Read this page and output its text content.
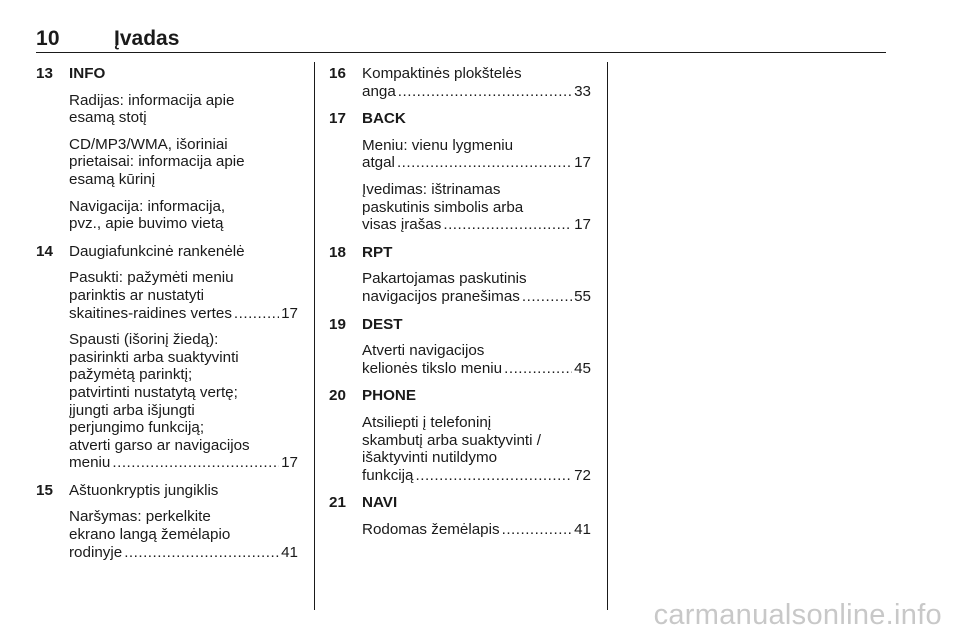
10	Įvadas
13 INFO
Radijas: informacija apie
esamą stotį
CD/MP3/WMA, išoriniai
prietaisai: informacija apie
esamą kūrinį
Navigacija: informacija,
pvz., apie buvimo vietą
14 Daugiafunkcinė rankenėlė
Pasukti: pažymėti meniu
parinktis ar nustatyti
skaitines-raidines vertes .....	17
Spausti (išorinį žiedą):
pasirinkti arba suaktyvinti
pažymėtą parinktį;
patvirtinti nustatytą vertę;
įjungti arba išjungti
perjungimo funkciją;
atverti garso ar navigacijos
meniu .....	17
15 Aštuonkryptis jungiklis
Naršymas: perkelkite
ekrano langą žemėlapio
rodinyje .....	41
16 Kompaktinės plokštelės
anga .....	33
17 BACK
Meniu: vienu lygmeniu
atgal .....	17
Įvedimas: ištrinamas
paskutinis simbolis arba
visas įrašas .....	17
18 RPT
Pakartojamas paskutinis
navigacijos pranešimas .....	55
19 DEST
Atverti navigacijos
kelionės tikslo meniu .....	45
20 PHONE
Atsiliepti į telefoninį
skambutį arba suaktyvinti /
išaktyvinti nutildymo
funkciją .....	72
21 NAVI
Rodomas žemėlapis .....	41
carmanualsonline.info
